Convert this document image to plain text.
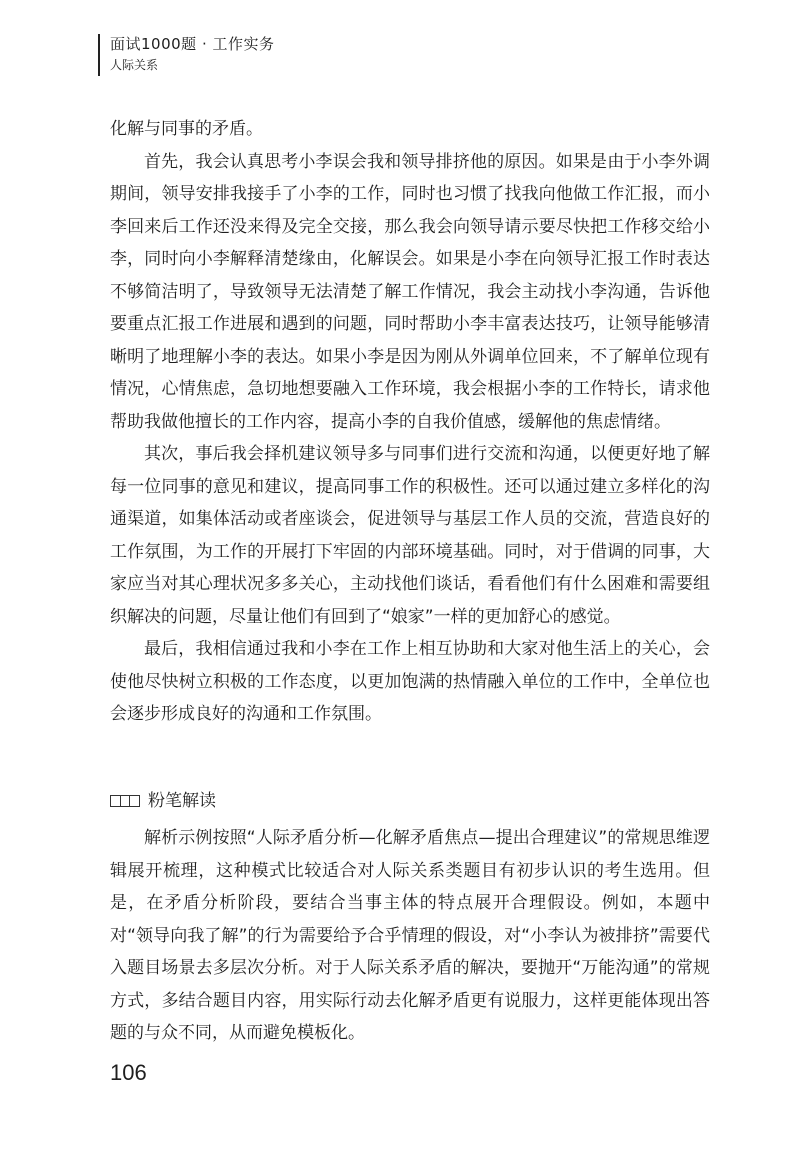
面试1000题 · 工作实务
人际关系

化解与同事的矛盾。

首先，我会认真思考小李误会我和领导排挤他的原因。如果是由于小李外调期间，领导安排我接手了小李的工作，同时也习惯了找我向他做工作汇报，而小李回来后工作还没来得及完全交接，那么我会向领导请示要尽快把工作移交给小李，同时向小李解释清楚缘由，化解误会。如果是小李在向领导汇报工作时表达不够简洁明了，导致领导无法清楚了解工作情况，我会主动找小李沟通，告诉他要重点汇报工作进展和遇到的问题，同时帮助小李丰富表达技巧，让领导能够清晰明了地理解小李的表达。如果小李是因为刚从外调单位回来，不了解单位现有情况，心情焦虑，急切地想要融入工作环境，我会根据小李的工作特长，请求他帮助我做他擅长的工作内容，提高小李的自我价值感，缓解他的焦虑情绪。

其次，事后我会择机建议领导多与同事们进行交流和沟通，以便更好地了解每一位同事的意见和建议，提高同事工作的积极性。还可以通过建立多样化的沟通渠道，如集体活动或者座谈会，促进领导与基层工作人员的交流，营造良好的工作氛围，为工作的开展打下牢固的内部环境基础。同时，对于借调的同事，大家应当对其心理状况多多关心，主动找他们谈话，看看他们有什么困难和需要组织解决的问题，尽量让他们有回到了“娘家”一样的更加舒心的感觉。

最后，我相信通过我和小李在工作上相互协助和大家对他生活上的关心，会使他尽快树立积极的工作态度，以更加饱满的热情融入单位的工作中，全单位也会逐步形成良好的沟通和工作氛围。

粉笔解读

解析示例按照“人际矛盾分析—化解矛盾焦点—提出合理建议”的常规思维逻辑展开梳理，这种模式比较适合对人际关系类题目有初步认识的考生选用。但是，在矛盾分析阶段，要结合当事主体的特点展开合理假设。例如，本题中对“领导向我了解”的行为需要给予合乎情理的假设，对“小李认为被排挤”需要代入题目场景去多层次分析。对于人际关系矛盾的解决，要抛开“万能沟通”的常规方式，多结合题目内容，用实际行动去化解矛盾更有说服力，这样更能体现出答题的与众不同，从而避免模板化。

106
